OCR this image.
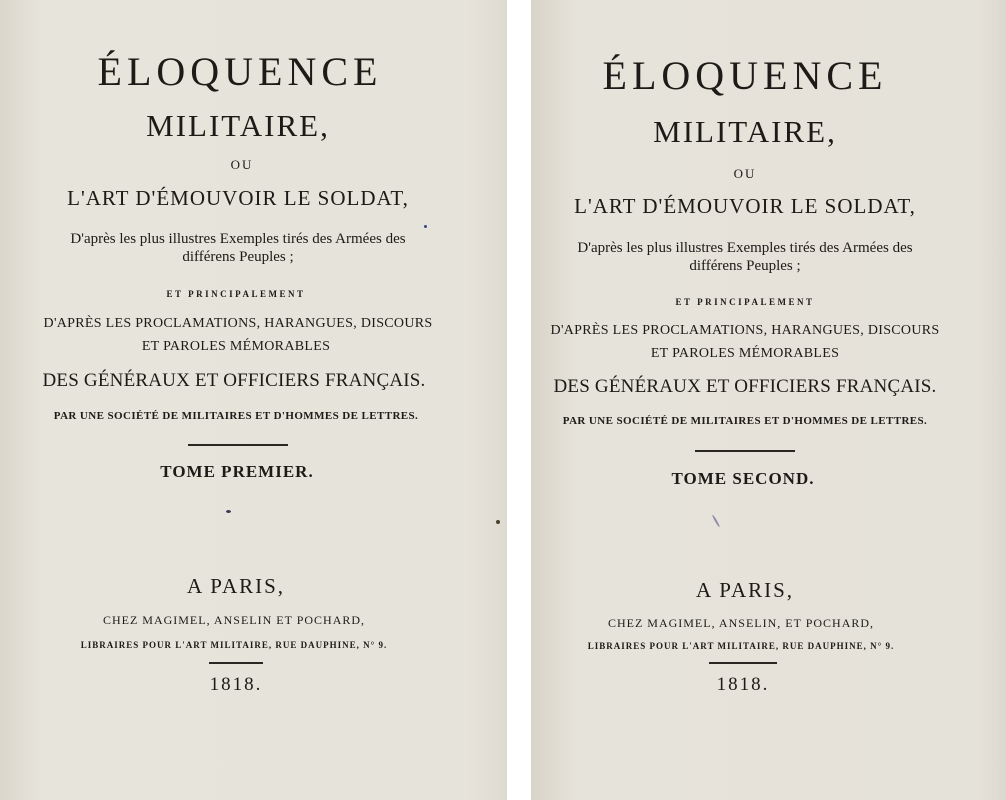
ÉLOQUENCE
MILITAIRE,
OU
L'ART D'ÉMOUVOIR LE SOLDAT,
D'après les plus illustres Exemples tirés des Armées des
différens Peuples ;
ET PRINCIPALEMENT
D'APRÈS LES PROCLAMATIONS, HARANGUES, DISCOURS
ET PAROLES MÉMORABLES
DES GÉNÉRAUX ET OFFICIERS FRANÇAIS.
PAR UNE SOCIÉTÉ DE MILITAIRES ET D'HOMMES DE LETTRES.
TOME PREMIER.
A PARIS,
CHEZ MAGIMEL, ANSELIN ET POCHARD,
LIBRAIRES POUR L'ART MILITAIRE, RUE DAUPHINE, N° 9.
1818.
ÉLOQUENCE
MILITAIRE,
OU
L'ART D'ÉMOUVOIR LE SOLDAT,
D'après les plus illustres Exemples tirés des Armées des
différens Peuples ;
ET PRINCIPALEMENT
D'APRÈS LES PROCLAMATIONS, HARANGUES, DISCOURS
ET PAROLES MÉMORABLES
DES GÉNÉRAUX ET OFFICIERS FRANÇAIS.
PAR UNE SOCIÉTÉ DE MILITAIRES ET D'HOMMES DE LETTRES.
TOME SECOND.
A PARIS,
CHEZ MAGIMEL, ANSELIN, ET POCHARD,
LIBRAIRES POUR L'ART MILITAIRE, RUE DAUPHINE, N° 9.
1818.
